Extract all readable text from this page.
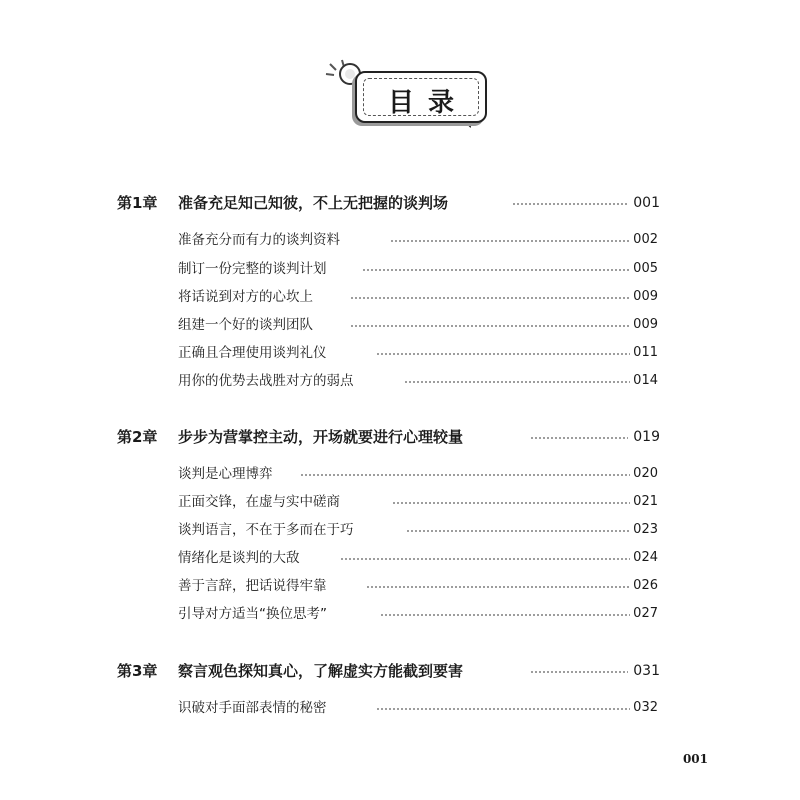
目录
第1章 准备充足知己知彼，不上无把握的谈判场	001
准备充分而有力的谈判资料	002
制订一份完整的谈判计划	005
将话说到对方的心坎上	009
组建一个好的谈判团队	009
正确且合理使用谈判礼仪	011
用你的优势去战胜对方的弱点	014
第2章 步步为营掌控主动，开场就要进行心理较量	019
谈判是心理博弈	020
正面交锋，在虚与实中磋商	021
谈判语言，不在于多而在于巧	023
情绪化是谈判的大敌	024
善于言辞，把话说得牢靠	026
引导对方适当“换位思考”	027
第3章 察言观色探知真心，了解虚实方能截到要害	031
识破对手面部表情的秘密	032
001
